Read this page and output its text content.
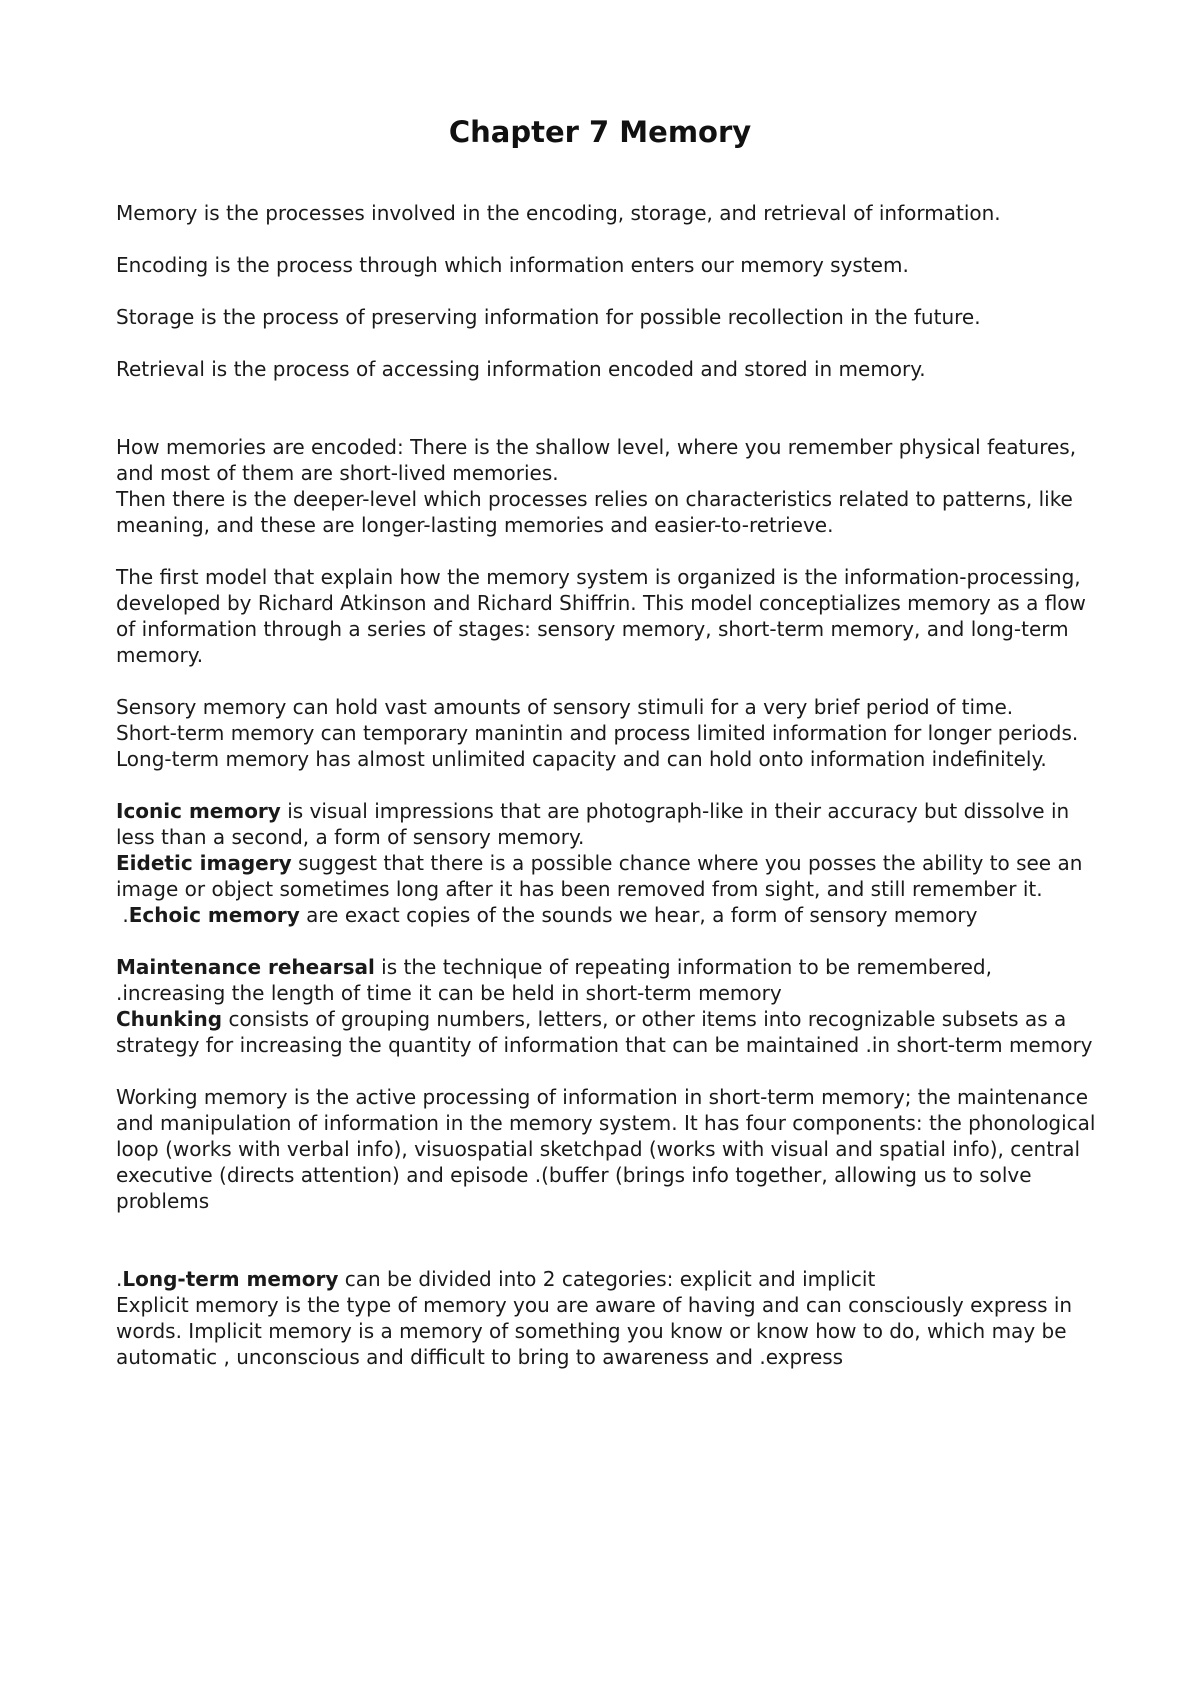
Chapter 7 Memory

Memory is the processes involved in the encoding, storage, and retrieval of information.

Encoding is the process through which information enters our memory system.

Storage is the process of preserving information for possible recollection in the future.

Retrieval is the process of accessing information encoded and stored in memory.

How memories are encoded: There is the shallow level, where you remember physical features, and most of them are short-lived memories.

Then there is the deeper-level which processes relies on characteristics related to patterns, like meaning, and these are longer-lasting memories and easier-to-retrieve.

The first model that explain how the memory system is organized is the information-processing, developed by Richard Atkinson and Richard Shiffrin. This model conceptializes memory as a flow of information through a series of stages: sensory memory, short-term memory, and long-term memory.

Sensory memory can hold vast amounts of sensory stimuli for a very brief period of time.

Short-term memory can temporary manintin and process limited information for longer periods.

Long-term memory has almost unlimited capacity and can hold onto information indefinitely.

Iconic memory is visual impressions that are photograph-like in their accuracy but dissolve in less than a second, a form of sensory memory.

Eidetic imagery suggest that there is a possible chance where you posses the ability to see an image or object sometimes long after it has been removed from sight, and still remember it.

.Echoic memory are exact copies of the sounds we hear, a form of sensory memory

Maintenance rehearsal is the technique of repeating information to be remembered, .increasing the length of time it can be held in short-term memory

Chunking consists of grouping numbers, letters, or other items into recognizable subsets as a strategy for increasing the quantity of information that can be maintained .in short-term memory

Working memory is the active processing of information in short-term memory; the maintenance and manipulation of information in the memory system. It has four components: the phonological loop (works with verbal info), visuospatial sketchpad (works with visual and spatial info), central executive (directs attention) and episode .(buffer (brings info together, allowing us to solve problems

.Long-term memory can be divided into 2 categories: explicit and implicit

Explicit memory is the type of memory you are aware of having and can consciously express in words. Implicit memory is a memory of something you know or know how to do, which may be automatic , unconscious and difficult to bring to awareness and .express
